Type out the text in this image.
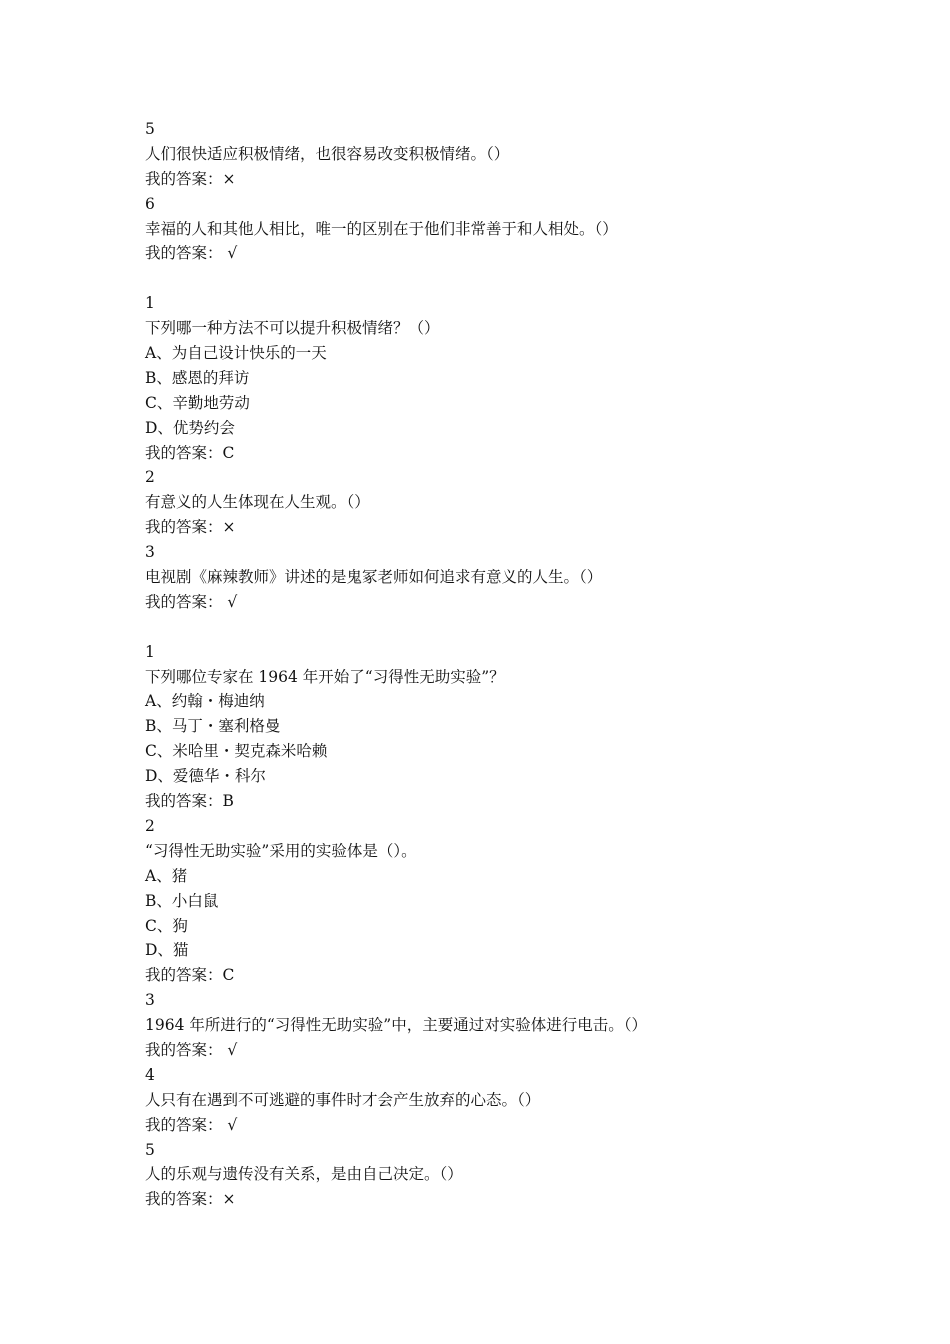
5
人们很快适应积极情绪，也很容易改变积极情绪。（）
我的答案：×
6
幸福的人和其他人相比，唯一的区别在于他们非常善于和人相处。（）
我的答案： √
1
下列哪一种方法不可以提升积极情绪？（）
A、为自己设计快乐的一天
B、感恩的拜访
C、辛勤地劳动
D、优势约会
我的答案：C
2
有意义的人生体现在人生观。（）
我的答案：×
3
电视剧《麻辣教师》讲述的是鬼冢老师如何追求有意义的人生。（）
我的答案： √
1
下列哪位专家在 1964 年开始了“习得性无助实验”？
A、约翰・梅迪纳
B、马丁・塞利格曼
C、米哈里・契克森米哈赖
D、爱德华・科尔
我的答案：B
2
“习得性无助实验”采用的实验体是（）。
A、猪
B、小白鼠
C、狗
D、猫
我的答案：C
3
1964 年所进行的“习得性无助实验”中，主要通过对实验体进行电击。（）
我的答案： √
4
人只有在遇到不可逃避的事件时才会产生放弃的心态。（）
我的答案： √
5
人的乐观与遗传没有关系，是由自己决定。（）
我的答案：×
